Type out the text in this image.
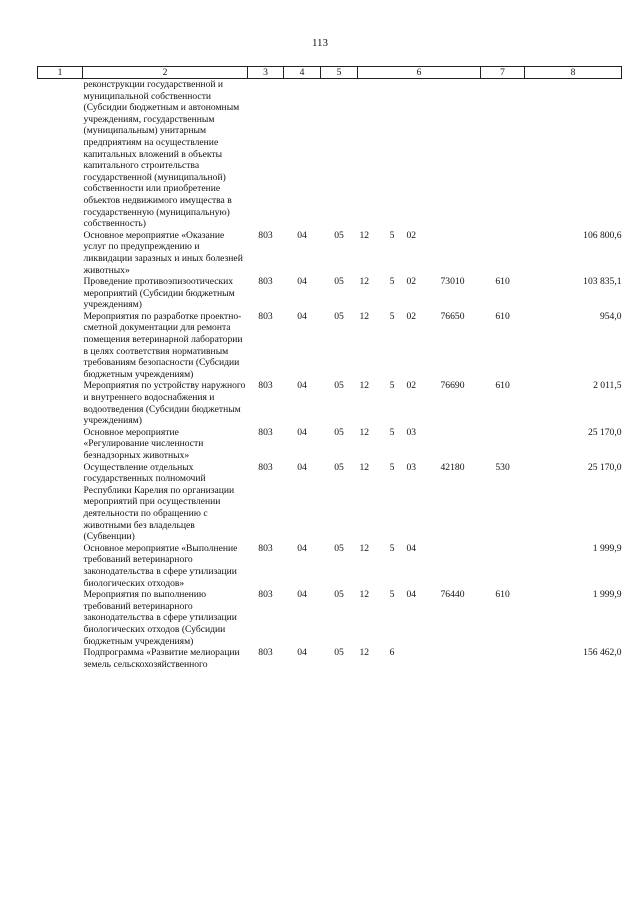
113
1	2	3	4	5	6				7	8
	реконструкции государственной и муниципальной собственности (Субсидии бюджетным и автономным учреждениям, государственным (муниципальным) унитарным предприятиям на осуществление капитальных вложений в объекты капитального строительства государственной (муниципальной) собственности или приобретение объектов недвижимого имущества в государственную (муниципальную) собственность)									
	Основное мероприятие «Оказание услуг по предупреждению и ликвидации заразных и иных болезней животных»	803	04	05	12	5	02			106 800,6
	Проведение противоэпизоотических мероприятий (Субсидии бюджетным учреждениям)	803	04	05	12	5	02	73010	610	103 835,1
	Мероприятия по разработке проектно-сметной документации для ремонта помещения ветеринарной лаборатории в целях соответствия нормативным требованиям безопасности (Субсидии бюджетным учреждениям)	803	04	05	12	5	02	76650	610	954,0
	Мероприятия по устройству наружного и внутреннего водоснабжения и водоотведения (Субсидии бюджетным учреждениям)	803	04	05	12	5	02	76690	610	2 011,5
	Основное мероприятие «Регулирование численности безнадзорных животных»	803	04	05	12	5	03			25 170,0
	Осуществление отдельных государственных полномочий Республики Карелия по организации мероприятий при осуществлении деятельности по обращению с животными без владельцев (Субвенции)	803	04	05	12	5	03	42180	530	25 170,0
	Основное мероприятие «Выполнение требований ветеринарного законодательства в сфере утилизации биологических отходов»	803	04	05	12	5	04			1 999,9
	Мероприятия по выполнению требований ветеринарного законодательства в сфере утилизации биологических отходов (Субсидии бюджетным учреждениям)	803	04	05	12	5	04	76440	610	1 999,9
	Подпрограмма «Развитие мелиорации земель сельскохозяйственного	803	04	05	12	6				156 462,0
